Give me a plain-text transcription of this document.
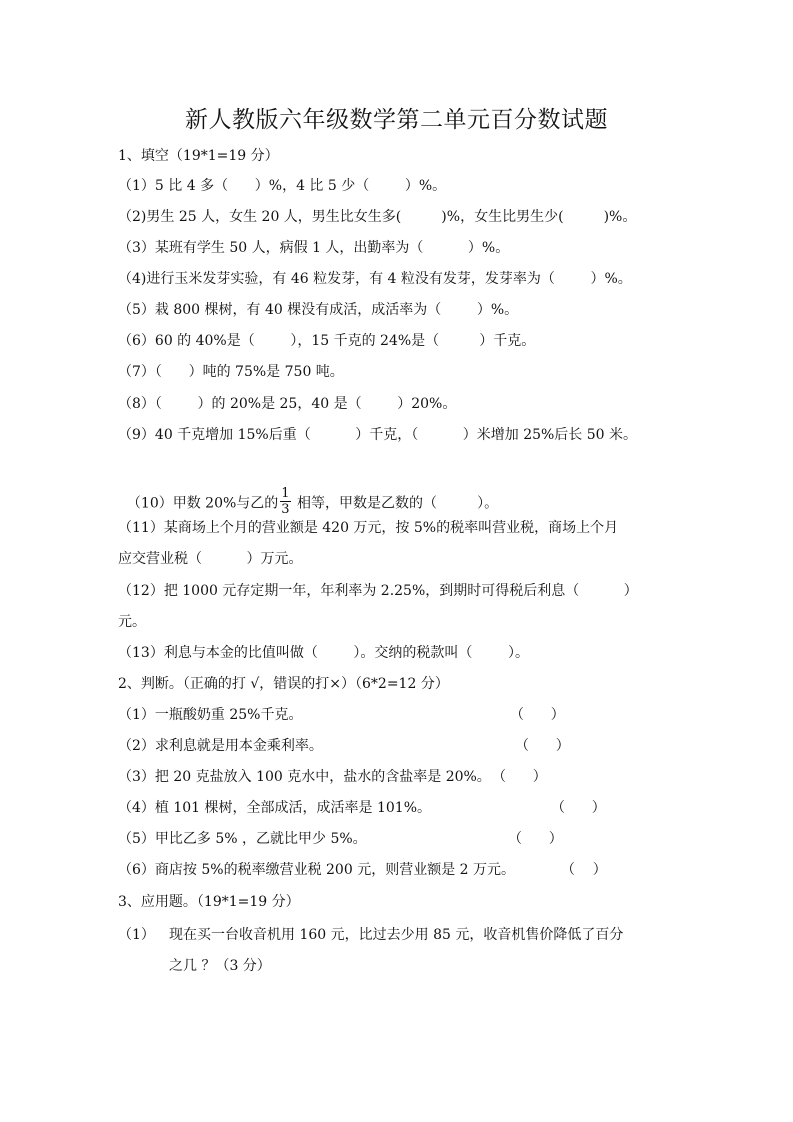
新人教版六年级数学第二单元百分数试题
1、填空（19*1=19 分）
（1）5 比 4 多（      ）%，4 比 5 少（        ）%。
（2)男生 25 人，女生 20 人，男生比女生多(         )%，女生比男生少(         )%。
（3）某班有学生 50 人，病假 1 人，出勤率为（          ）%。
（4)进行玉米发芽实验，有 46 粒发芽，有 4 粒没有发芽，发芽率为（        ）%。
（5）栽 800 棵树，有 40 棵没有成活，成活率为（        ）%。
（6）60 的 40%是（        ），15 千克的 24%是（         ）千克。
（7）（      ）吨的 75%是 750 吨。
（8）（        ）的 20%是 25，40 是（        ）20%。
（9）40 千克增加 15%后重（          ）千克，（          ）米增加 25%后长 50 米。

（10）甲数 20%与乙的 $\frac{1}{3}$ 相等，甲数是乙数的（         ）。

（11）某商场上个月的营业额是 420 万元，按 5%的税率叫营业税，商场上个月
应交营业税（          ）万元。
（12）把 1000 元存定期一年，年利率为 2.25%，到期时可得税后利息（          ）
元。
（13）利息与本金的比值叫做（        ）。交纳的税款叫（        ）。
2、判断。（正确的打 √，错误的打×）（6*2=12 分）
（1）一瓶酸奶重 25%千克。	（      ）
（2）求利息就是用本金乘利率。	（      ）
（3）把 20 克盐放入 100 克水中，盐水的含盐率是 20%。 （      ）
（4）植 101 棵树，全部成活，成活率是 101%。	（      ）
（5）甲比乙多 5% ，乙就比甲少 5%。	（      ）
（6）商店按 5%的税率缴营业税 200 元，则营业额是 2 万元。	（    ）
3、应用题。（19*1=19 分）
（1） 现在买一台收音机用 160 元，比过去少用 85 元，收音机售价降低了百分
之几 ？（3 分）
